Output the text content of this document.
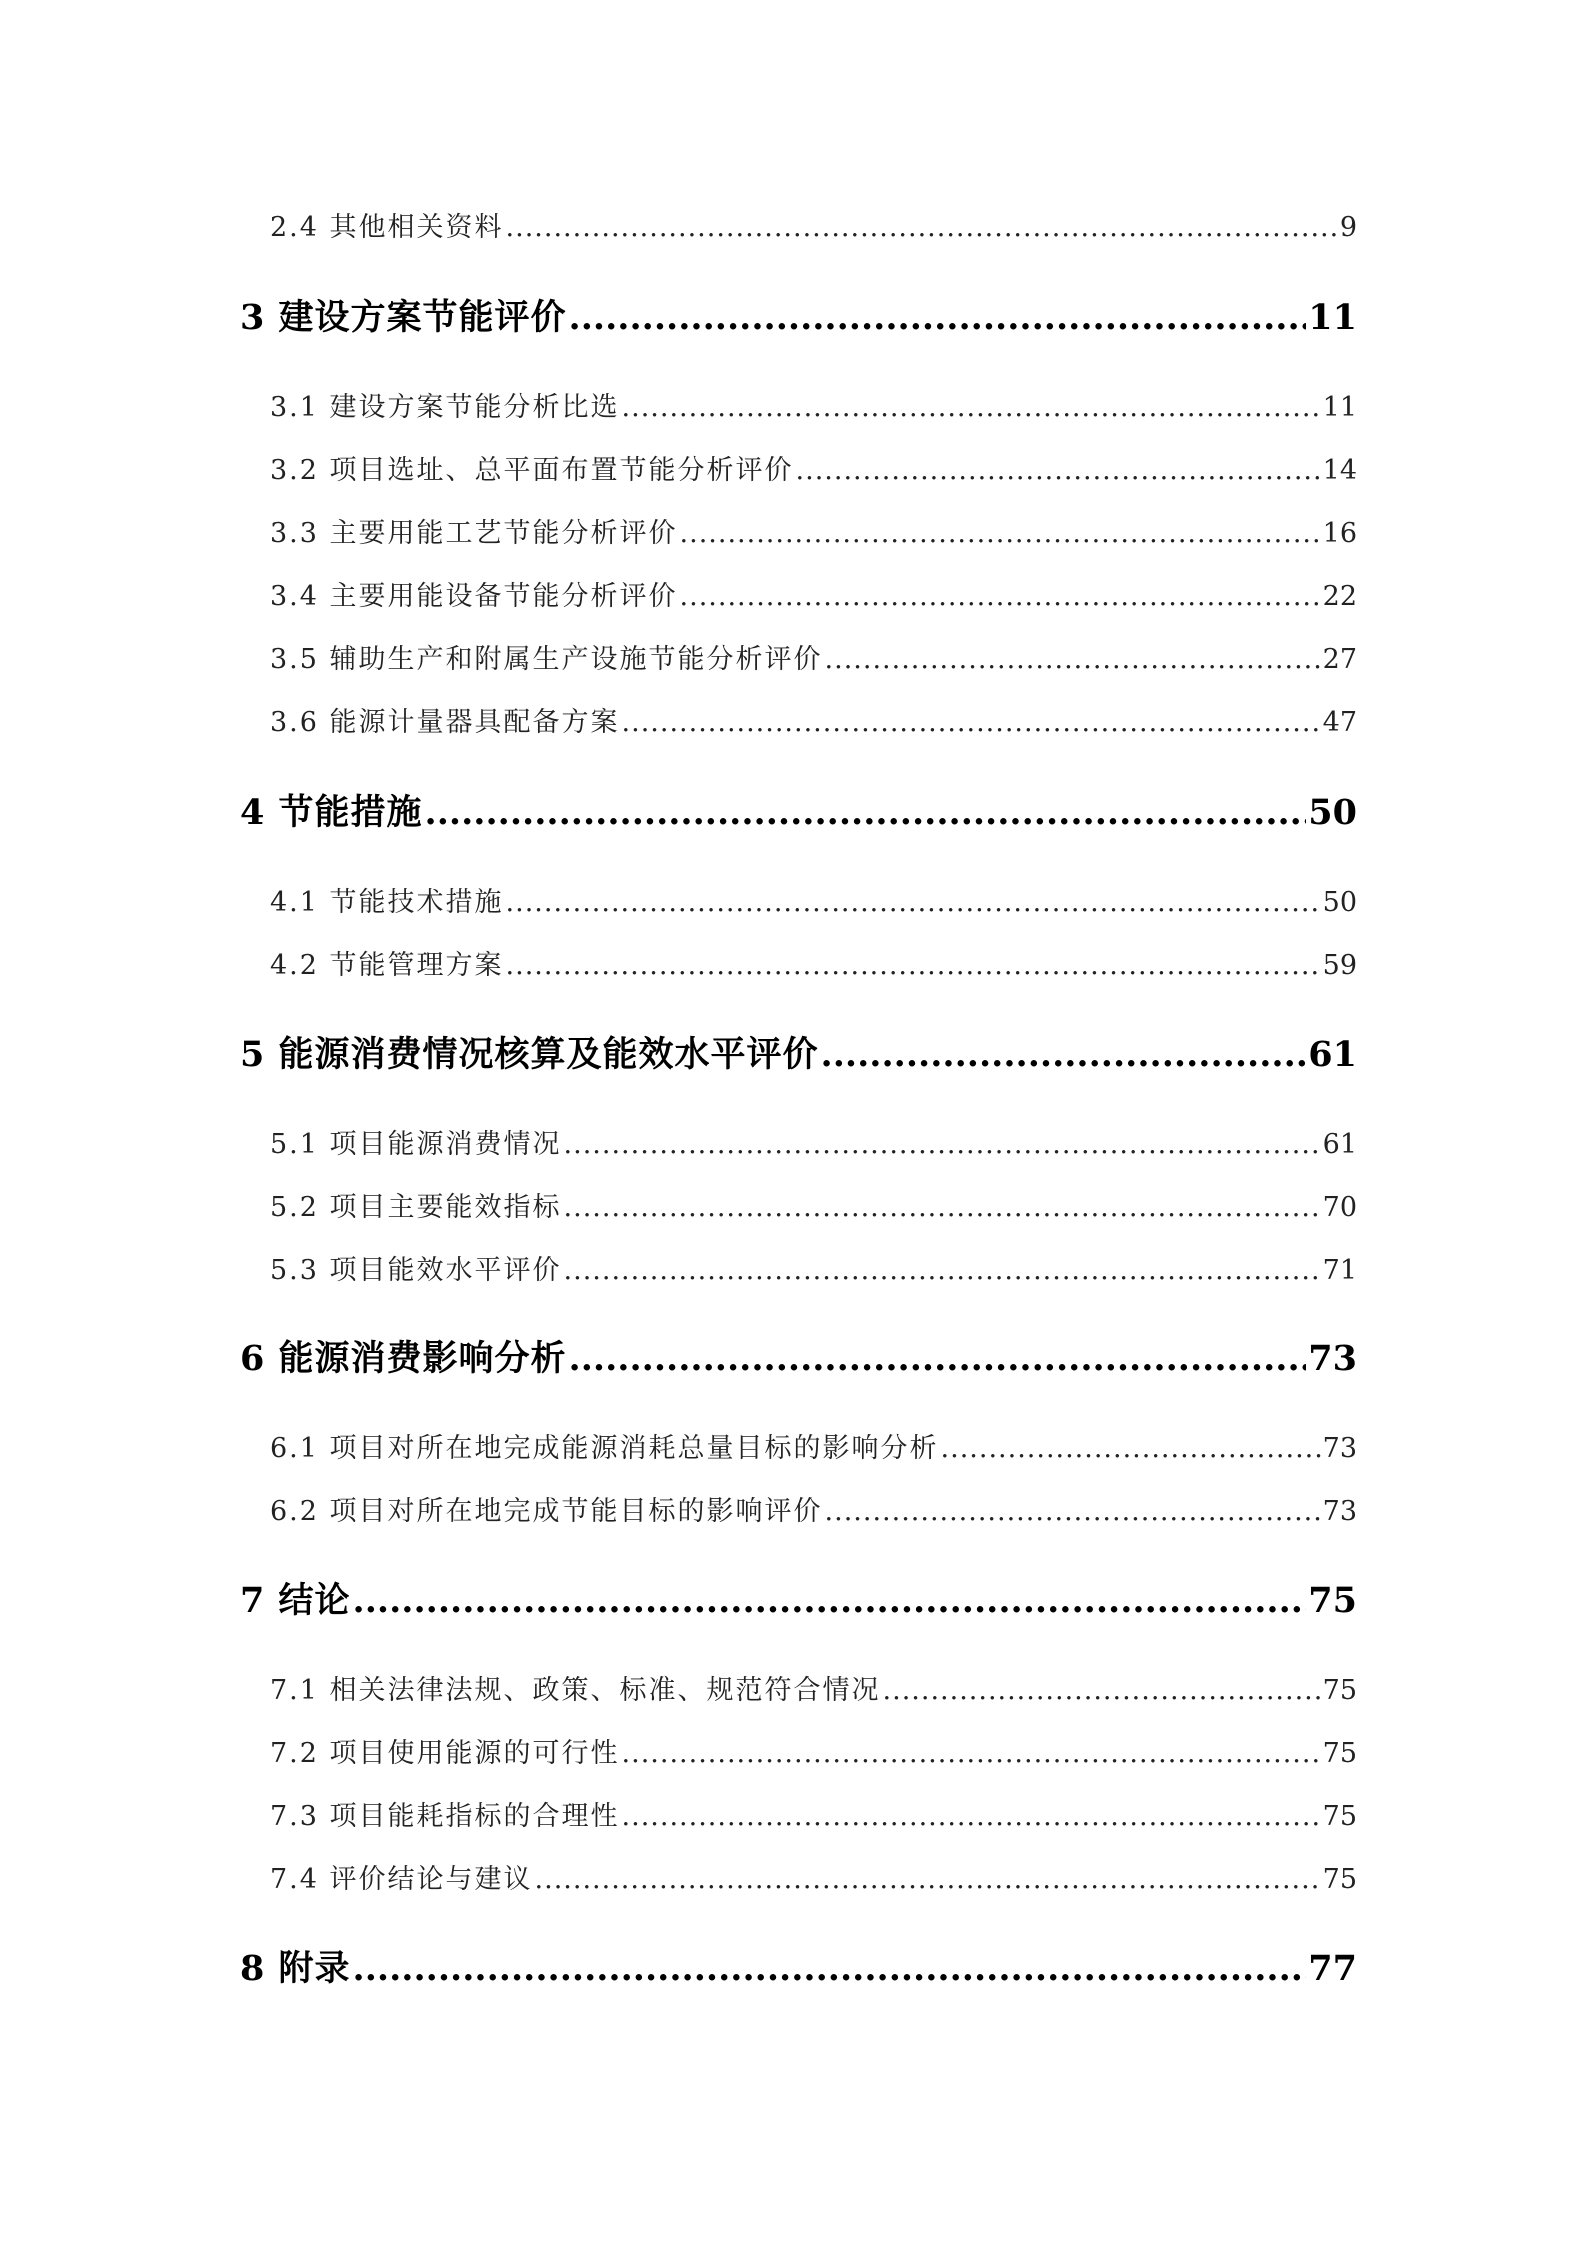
2.4 其他相关资料 .....	9
3 建设方案节能评价 .....	11
3.1 建设方案节能分析比选 .....	11
3.2 项目选址、总平面布置节能分析评价 .....	14
3.3 主要用能工艺节能分析评价 .....	16
3.4 主要用能设备节能分析评价 .....	22
3.5 辅助生产和附属生产设施节能分析评价 .....	27
3.6 能源计量器具配备方案 .....	47
4 节能措施 .....	50
4.1 节能技术措施 .....	50
4.2 节能管理方案 .....	59
5 能源消费情况核算及能效水平评价 .....	61
5.1 项目能源消费情况 .....	61
5.2 项目主要能效指标 .....	70
5.3 项目能效水平评价 .....	71
6 能源消费影响分析 .....	73
6.1 项目对所在地完成能源消耗总量目标的影响分析 .....	73
6.2 项目对所在地完成节能目标的影响评价 .....	73
7 结论 .....	75
7.1 相关法律法规、政策、标准、规范符合情况 .....	75
7.2 项目使用能源的可行性 .....	75
7.3 项目能耗指标的合理性 .....	75
7.4 评价结论与建议 .....	75
8 附录 .....	77
